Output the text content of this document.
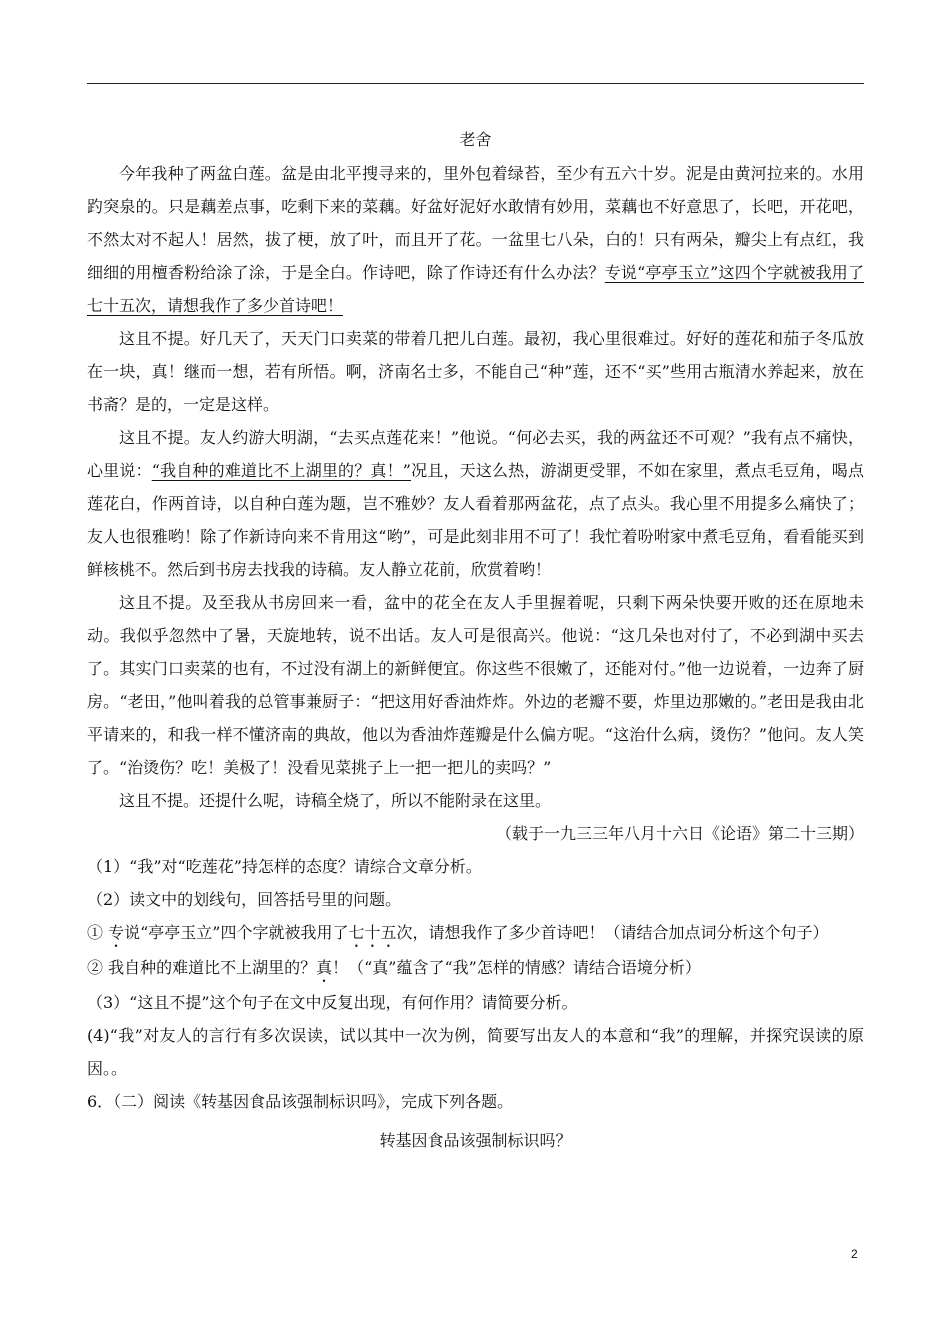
老舍

今年我种了两盆白莲。盆是由北平搜寻来的，里外包着绿苔，至少有五六十岁。泥是由黄河拉来的。水用趵突泉的。只是藕差点事，吃剩下来的菜藕。好盆好泥好水敢情有妙用，菜藕也不好意思了，长吧，开花吧，不然太对不起人！居然，拔了梗，放了叶，而且开了花。一盆里七八朵，白的！只有两朵，瓣尖上有点红，我细细的用檀香粉给涂了涂，于是全白。作诗吧，除了作诗还有什么办法？专说“亭亭玉立”这四个字就被我用了七十五次，请想我作了多少首诗吧！

这且不提。好几天了，天天门口卖菜的带着几把儿白莲。最初，我心里很难过。好好的莲花和茄子冬瓜放在一块，真！继而一想，若有所悟。啊，济南名士多，不能自己“种”莲，还不“买”些用古瓶清水养起来，放在书斋？是的，一定是这样。

这且不提。友人约游大明湖，“去买点莲花来！”他说。“何必去买，我的两盆还不可观？”我有点不痛快，心里说：“我自种的难道比不上湖里的？真！”况且，天这么热，游湖更受罪，不如在家里，煮点毛豆角，喝点莲花白，作两首诗，以自种白莲为题，岂不雅妙？友人看着那两盆花，点了点头。我心里不用提多么痛快了；友人也很雅哟！除了作新诗向来不肯用这“哟”，可是此刻非用不可了！我忙着吩咐家中煮毛豆角，看看能买到鲜核桃不。然后到书房去找我的诗稿。友人静立花前，欣赏着哟！

这且不提。及至我从书房回来一看，盆中的花全在友人手里握着呢，只剩下两朵快要开败的还在原地未动。我似乎忽然中了暑，天旋地转，说不出话。友人可是很高兴。他说：“这几朵也对付了，不必到湖中买去了。其实门口卖菜的也有，不过没有湖上的新鲜便宜。你这些不很嫩了，还能对付。”他一边说着，一边奔了厨房。“老田，”他叫着我的总管事兼厨子：“把这用好香油炸炸。外边的老瓣不要，炸里边那嫩的。”老田是我由北平请来的，和我一样不懂济南的典故，他以为香油炸莲瓣是什么偏方呢。“这治什么病，烫伤？”他问。友人笑了。“治烫伤？吃！美极了！没看见菜挑子上一把一把儿的卖吗？”

这且不提。还提什么呢，诗稿全烧了，所以不能附录在这里。

（载于一九三三年八月十六日《论语》第二十三期）

（1）“我”对“吃莲花”持怎样的态度？请综合文章分析。

（2）读文中的划线句，回答括号里的问题。

① 专说“亭亭玉立”四个字就被我用了七十五次，请想我作了多少首诗吧！（请结合加点词分析这个句子）

② 我自种的难道比不上湖里的？真！（“真”蕴含了“我”怎样的情感？请结合语境分析）

（3）“这且不提”这个句子在文中反复出现，有何作用？请简要分析。

(4)“我”对友人的言行有多次误读，试以其中一次为例，简要写出友人的本意和“我”的理解，并探究误读的原因。。

6．（二）阅读《转基因食品该强制标识吗》，完成下列各题。

转基因食品该强制标识吗？

2
